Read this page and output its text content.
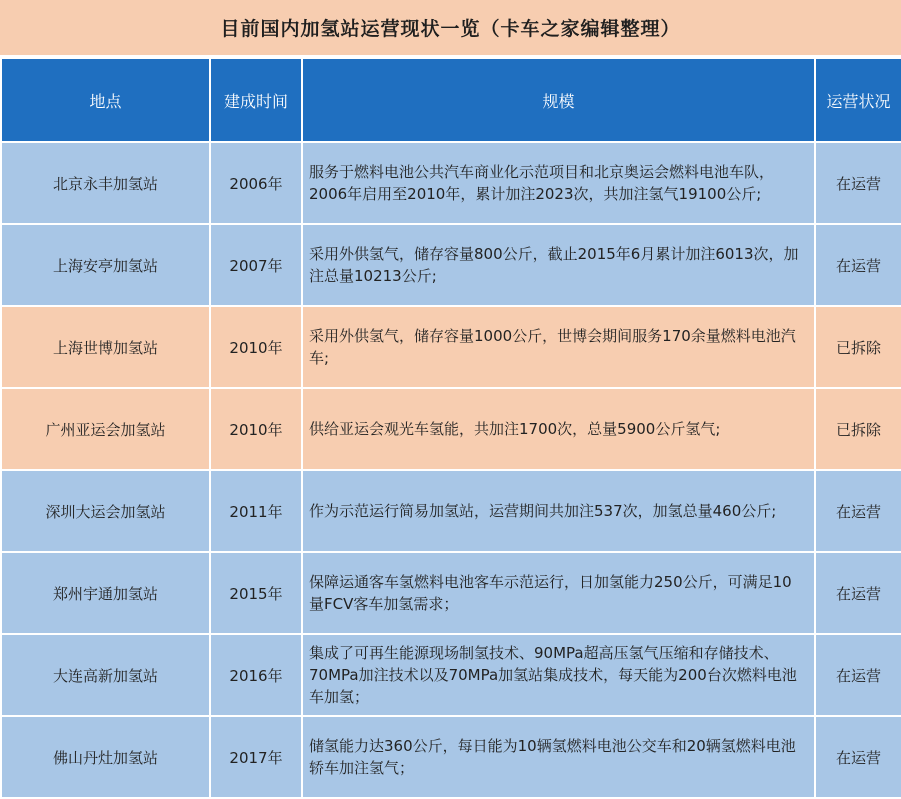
目前国内加氢站运营现状一览（卡车之家编辑整理）
地点	建成时间	规模	运营状况
北京永丰加氢站	2006年	服务于燃料电池公共汽车商业化示范项目和北京奥运会燃料电池车队，2006年启用至2010年，累计加注2023次，共加注氢气19100公斤;	在运营
上海安亭加氢站	2007年	采用外供氢气，储存容量800公斤，截止2015年6月累计加注6013次，加注总量10213公斤;	在运营
上海世博加氢站	2010年	采用外供氢气，储存容量1000公斤，世博会期间服务170余量燃料电池汽车;	已拆除
广州亚运会加氢站	2010年	供给亚运会观光车氢能，共加注1700次，总量5900公斤氢气;	已拆除
深圳大运会加氢站	2011年	作为示范运行简易加氢站，运营期间共加注537次，加氢总量460公斤;	在运营
郑州宇通加氢站	2015年	保障运通客车氢燃料电池客车示范运行，日加氢能力250公斤，可满足10量FCV客车加氢需求；	在运营
大连高新加氢站	2016年	集成了可再生能源现场制氢技术、90MPa超高压氢气压缩和存储技术、70MPa加注技术以及70MPa加氢站集成技术，每天能为200台次燃料电池车加氢；	在运营
佛山丹灶加氢站	2017年	储氢能力达360公斤，每日能为10辆氢燃料电池公交车和20辆氢燃料电池轿车加注氢气；	在运营
